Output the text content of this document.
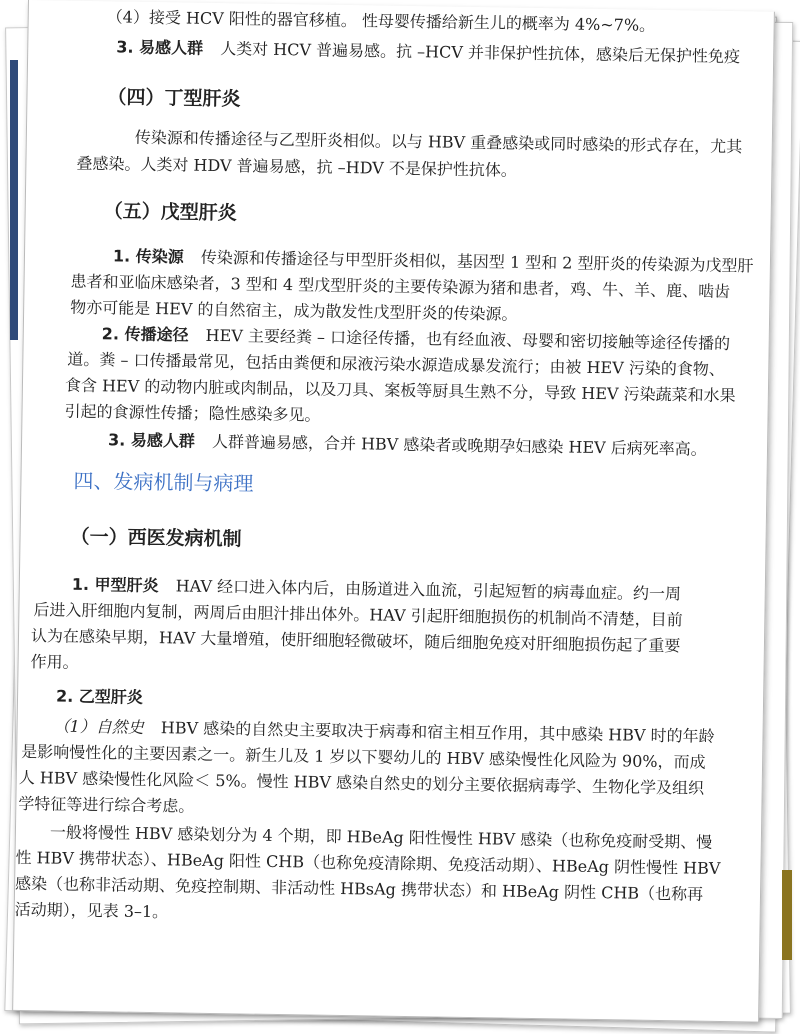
（4）接受 HCV 阳性的器官移植。 性母婴传播给新生儿的概率为 4%~7%。
3. 易感人群 人类对 HCV 普遍易感。抗 –HCV 并非保护性抗体，感染后无保护性免疫
（四）丁型肝炎
传染源和传播途径与乙型肝炎相似。以与 HBV 重叠感染或同时感染的形式存在，尤其
叠感染。人类对 HDV 普遍易感，抗 –HDV 不是保护性抗体。
（五）戊型肝炎
1. 传染源 传染源和传播途径与甲型肝炎相似，基因型 1 型和 2 型肝炎的传染源为戊型肝
患者和亚临床感染者，3 型和 4 型戊型肝炎的主要传染源为猪和患者，鸡、牛、羊、鹿、啮齿
物亦可能是 HEV 的自然宿主，成为散发性戊型肝炎的传染源。
2. 传播途径 HEV 主要经粪 – 口途径传播，也有经血液、母婴和密切接触等途径传播的
道。粪 – 口传播最常见，包括由粪便和尿液污染水源造成暴发流行；由被 HEV 污染的食物、
食含 HEV 的动物内脏或肉制品，以及刀具、案板等厨具生熟不分，导致 HEV 污染蔬菜和水果
引起的食源性传播；隐性感染多见。
3. 易感人群 人群普遍易感，合并 HBV 感染者或晚期孕妇感染 HEV 后病死率高。
四、发病机制与病理
（一）西医发病机制
1. 甲型肝炎 HAV 经口进入体内后，由肠道进入血流，引起短暂的病毒血症。约一周
后进入肝细胞内复制，两周后由胆汁排出体外。HAV 引起肝细胞损伤的机制尚不清楚，目前
认为在感染早期，HAV 大量增殖，使肝细胞轻微破坏，随后细胞免疫对肝细胞损伤起了重要
作用。
2. 乙型肝炎
（1）自然史 HBV 感染的自然史主要取决于病毒和宿主相互作用，其中感染 HBV 时的年龄
是影响慢性化的主要因素之一。新生儿及 1 岁以下婴幼儿的 HBV 感染慢性化风险为 90%，而成
人 HBV 感染慢性化风险＜ 5%。慢性 HBV 感染自然史的划分主要依据病毒学、生物化学及组织
学特征等进行综合考虑。
一般将慢性 HBV 感染划分为 4 个期，即 HBeAg 阳性慢性 HBV 感染（也称免疫耐受期、慢
性 HBV 携带状态）、HBeAg 阳性 CHB（也称免疫清除期、免疫活动期）、HBeAg 阴性慢性 HBV
感染（也称非活动期、免疫控制期、非活动性 HBsAg 携带状态）和 HBeAg 阴性 CHB（也称再
活动期），见表 3–1。
